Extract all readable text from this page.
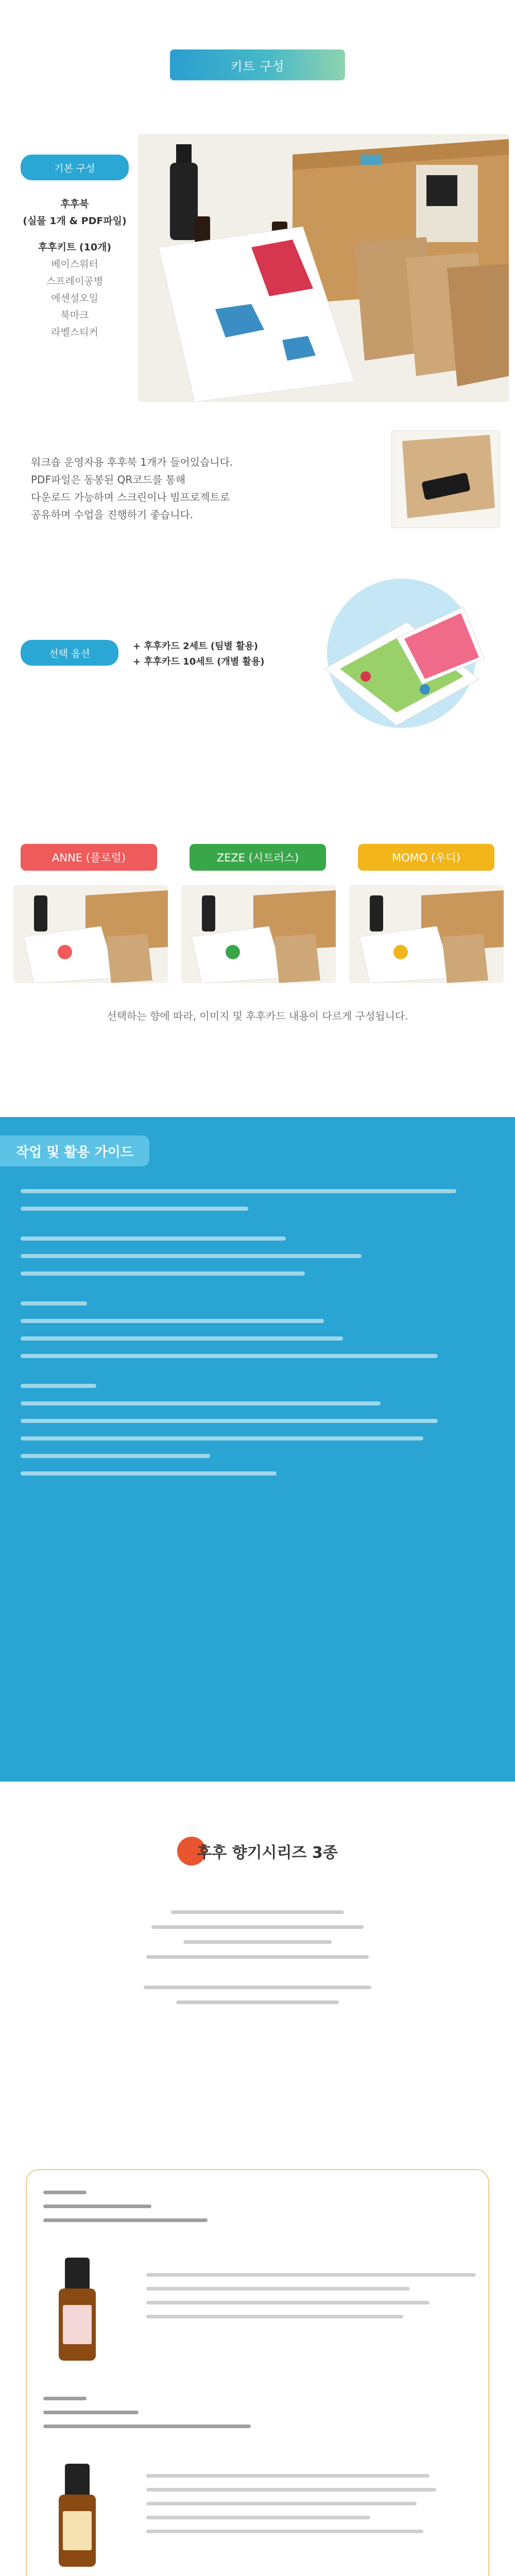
키트 구성
기본 구성
후후북
(실물 1개 & PDF파일)
후후키트 (10개)
베이스워터
스프레이공병
에센셜오일
북마크
라벨스티커
워크숍 운영자용 후후북 1개가 들어있습니다.
PDF파일은 동봉된 QR코드를 통해
다운로드 가능하며 스크린이나 빔프로젝트로
공유하며 수업을 진행하기 좋습니다.
선택 옵션
+ 후후카드 2세트 (팀별 활용)
+ 후후카드 10세트 (개별 활용)
ANNE (플로럴)	ZEZE (시트러스)	MOMO (우디)
선택하는 향에 따라, 이미지 및 후후카드 내용이 다르게 구성됩니다.
작업 및 활용 가이드
후후 향기시리즈 3종
